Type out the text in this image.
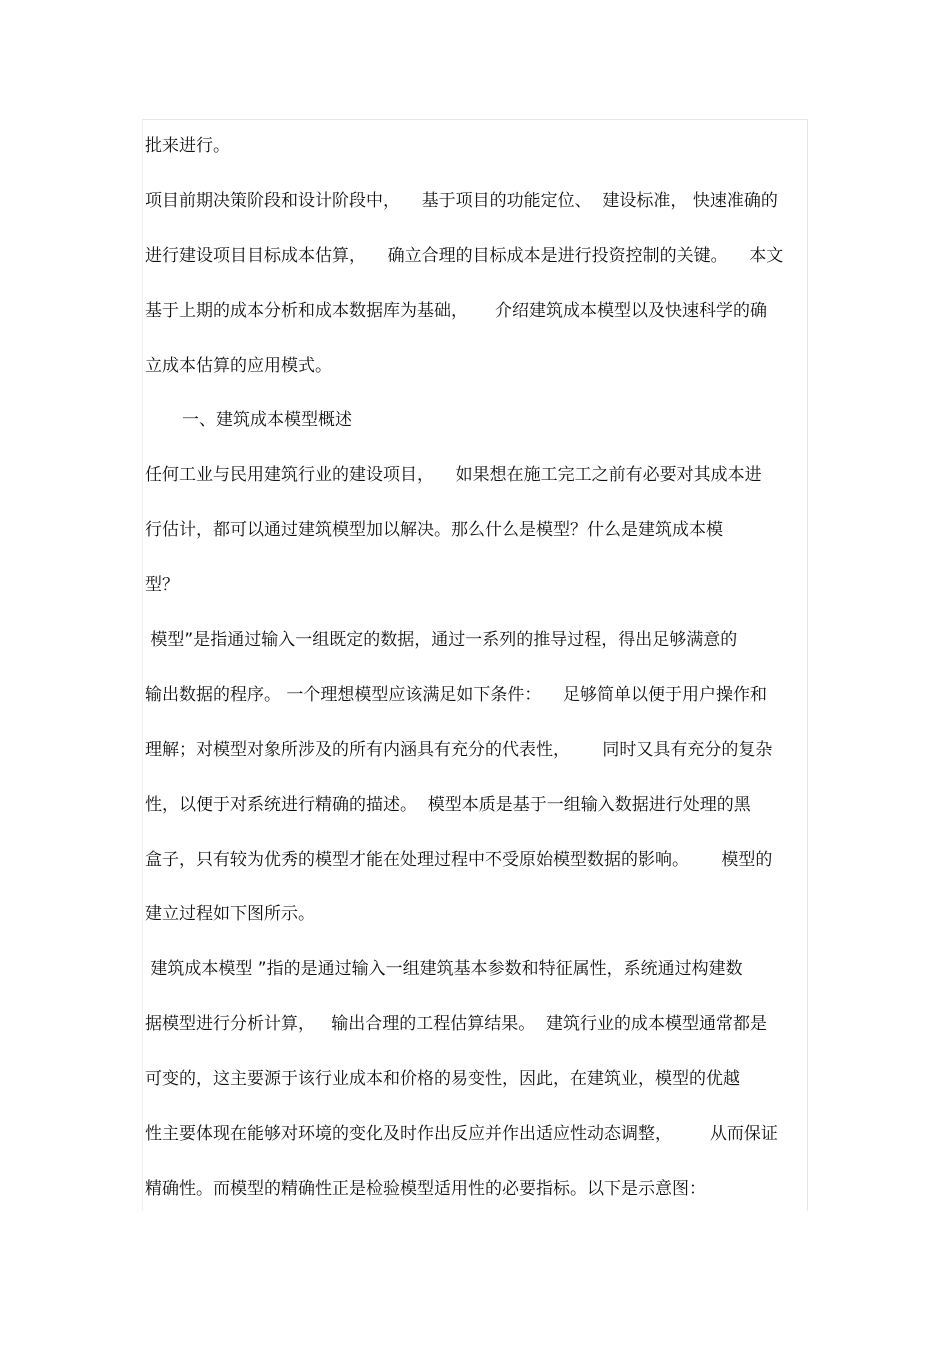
批来进行。
项目前期决策阶段和设计阶段中，    基于项目的功能定位、  建设标准， 快速准确的
进行建设项目目标成本估算，    确立合理的目标成本是进行投资控制的关键。    本文
基于上期的成本分析和成本数据库为基础，     介绍建筑成本模型以及快速科学的确
立成本估算的应用模式。
一、建筑成本模型概述
任何工业与民用建筑行业的建设项目，    如果想在施工完工之前有必要对其成本进
行估计，都可以通过建筑模型加以解决。那么什么是模型？什么是建筑成本模
型？
模型”是指通过输入一组既定的数据，通过一系列的推导过程，得出足够满意的
输出数据的程序。 一个理想模型应该满足如下条件：    足够简单以便于用户操作和
理解；对模型对象所涉及的所有内涵具有充分的代表性，      同时又具有充分的复杂
性，以便于对系统进行精确的描述。  模型本质是基于一组输入数据进行处理的黑
盒子，只有较为优秀的模型才能在处理过程中不受原始模型数据的影响。      模型的
建立过程如下图所示。
建筑成本模型 ”指的是通过输入一组建筑基本参数和特征属性，系统通过构建数
据模型进行分析计算，   输出合理的工程估算结果。  建筑行业的成本模型通常都是
可变的，这主要源于该行业成本和价格的易变性，因此，在建筑业，模型的优越
性主要体现在能够对环境的变化及时作出反应并作出适应性动态调整，       从而保证
精确性。而模型的精确性正是检验模型适用性的必要指标。以下是示意图：
